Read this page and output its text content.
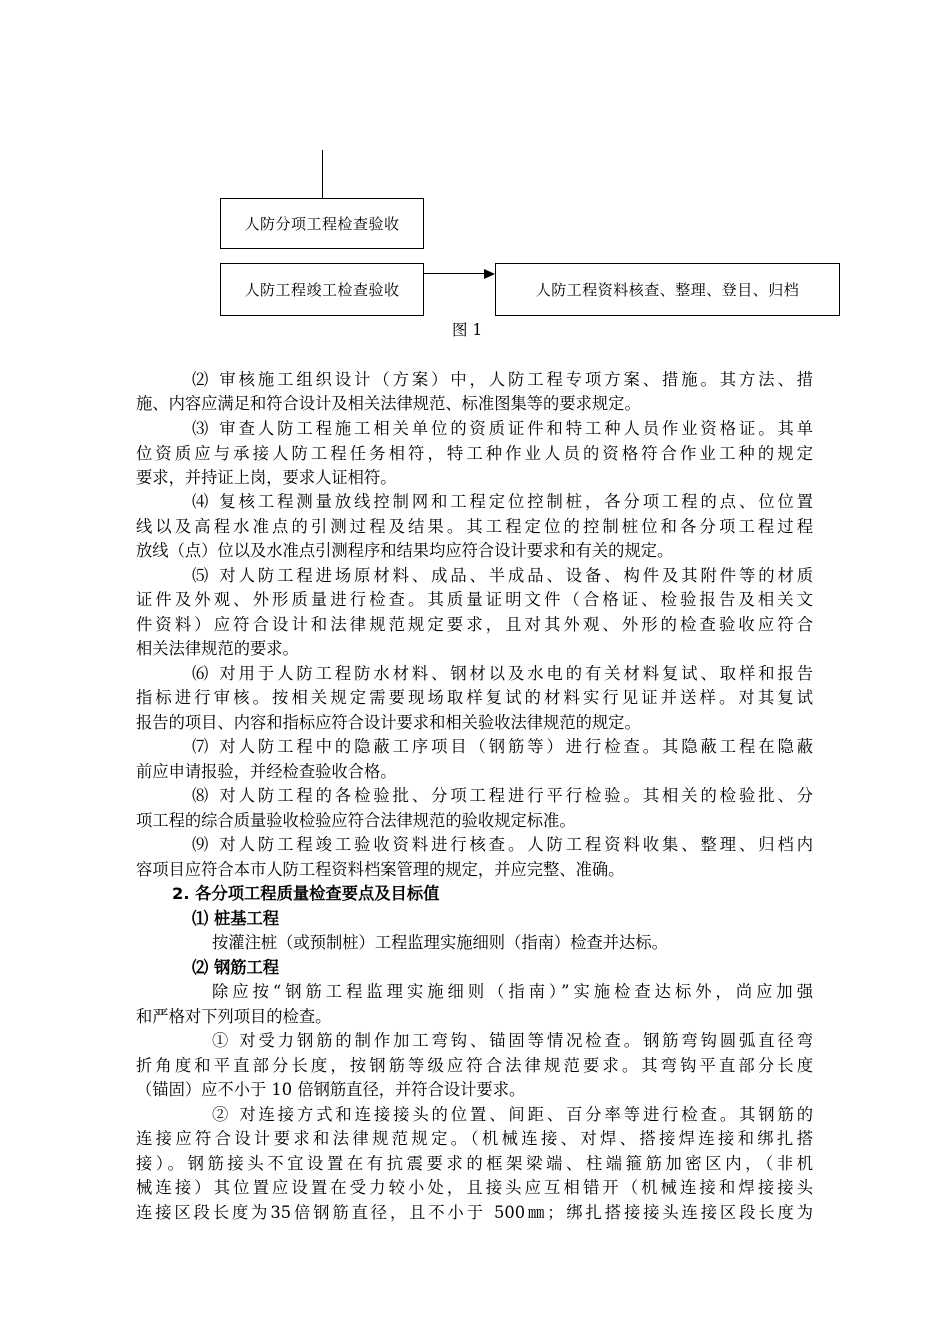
人防分项工程检查验收
人防工程竣工检查验收	人防工程资料核查、整理、登目、归档
图 1
⑵ 审核施工组织设计（方案）中，人防工程专项方案、措施。其方法、措
施、内容应满足和符合设计及相关法律规范、标准图集等的要求规定。
⑶ 审查人防工程施工相关单位的资质证件和特工种人员作业资格证。其单
位资质应与承接人防工程任务相符，特工种作业人员的资格符合作业工种的规定
要求，并持证上岗，要求人证相符。
⑷ 复核工程测量放线控制网和工程定位控制桩，各分项工程的点、位位置
线以及高程水准点的引测过程及结果。其工程定位的控制桩位和各分项工程过程
放线（点）位以及水准点引测程序和结果均应符合设计要求和有关的规定。
⑸ 对人防工程进场原材料、成品、半成品、设备、构件及其附件等的材质
证件及外观、外形质量进行检查。其质量证明文件（合格证、检验报告及相关文
件资料）应符合设计和法律规范规定要求，且对其外观、外形的检查验收应符合
相关法律规范的要求。
⑹ 对用于人防工程防水材料、钢材以及水电的有关材料复试、取样和报告
指标进行审核。按相关规定需要现场取样复试的材料实行见证并送样。对其复试
报告的项目、内容和指标应符合设计要求和相关验收法律规范的规定。
⑺ 对人防工程中的隐蔽工序项目（钢筋等）进行检查。其隐蔽工程在隐蔽
前应申请报验，并经检查验收合格。
⑻ 对人防工程的各检验批、分项工程进行平行检验。其相关的检验批、分
项工程的综合质量验收检验应符合法律规范的验收规定标准。
⑼ 对人防工程竣工验收资料进行核查。人防工程资料收集、整理、归档内
容项目应符合本市人防工程资料档案管理的规定，并应完整、准确。
2. 各分项工程质量检查要点及目标值
⑴ 桩基工程
按灌注桩（或预制桩）工程监理实施细则（指南）检查并达标。
⑵ 钢筋工程
除应按“钢筋工程监理实施细则（指南）”实施检查达标外，尚应加强
和严格对下列项目的检查。
① 对受力钢筋的制作加工弯钩、锚固等情况检查。钢筋弯钩圆弧直径弯
折角度和平直部分长度，按钢筋等级应符合法律规范要求。其弯钩平直部分长度
（锚固）应不小于 10 倍钢筋直径，并符合设计要求。
② 对连接方式和连接接头的位置、间距、百分率等进行检查。其钢筋的
连接应符合设计要求和法律规范规定。（机械连接、对焊、搭接焊连接和绑扎搭
接）。钢筋接头不宜设置在有抗震要求的框架梁端、柱端箍筋加密区内，（非机
械连接）其位置应设置在受力较小处，且接头应互相错开（机械连接和焊接接头
连接区段长度为35倍钢筋直径，且不小于 500㎜；绑扎搭接接头连接区段长度为
